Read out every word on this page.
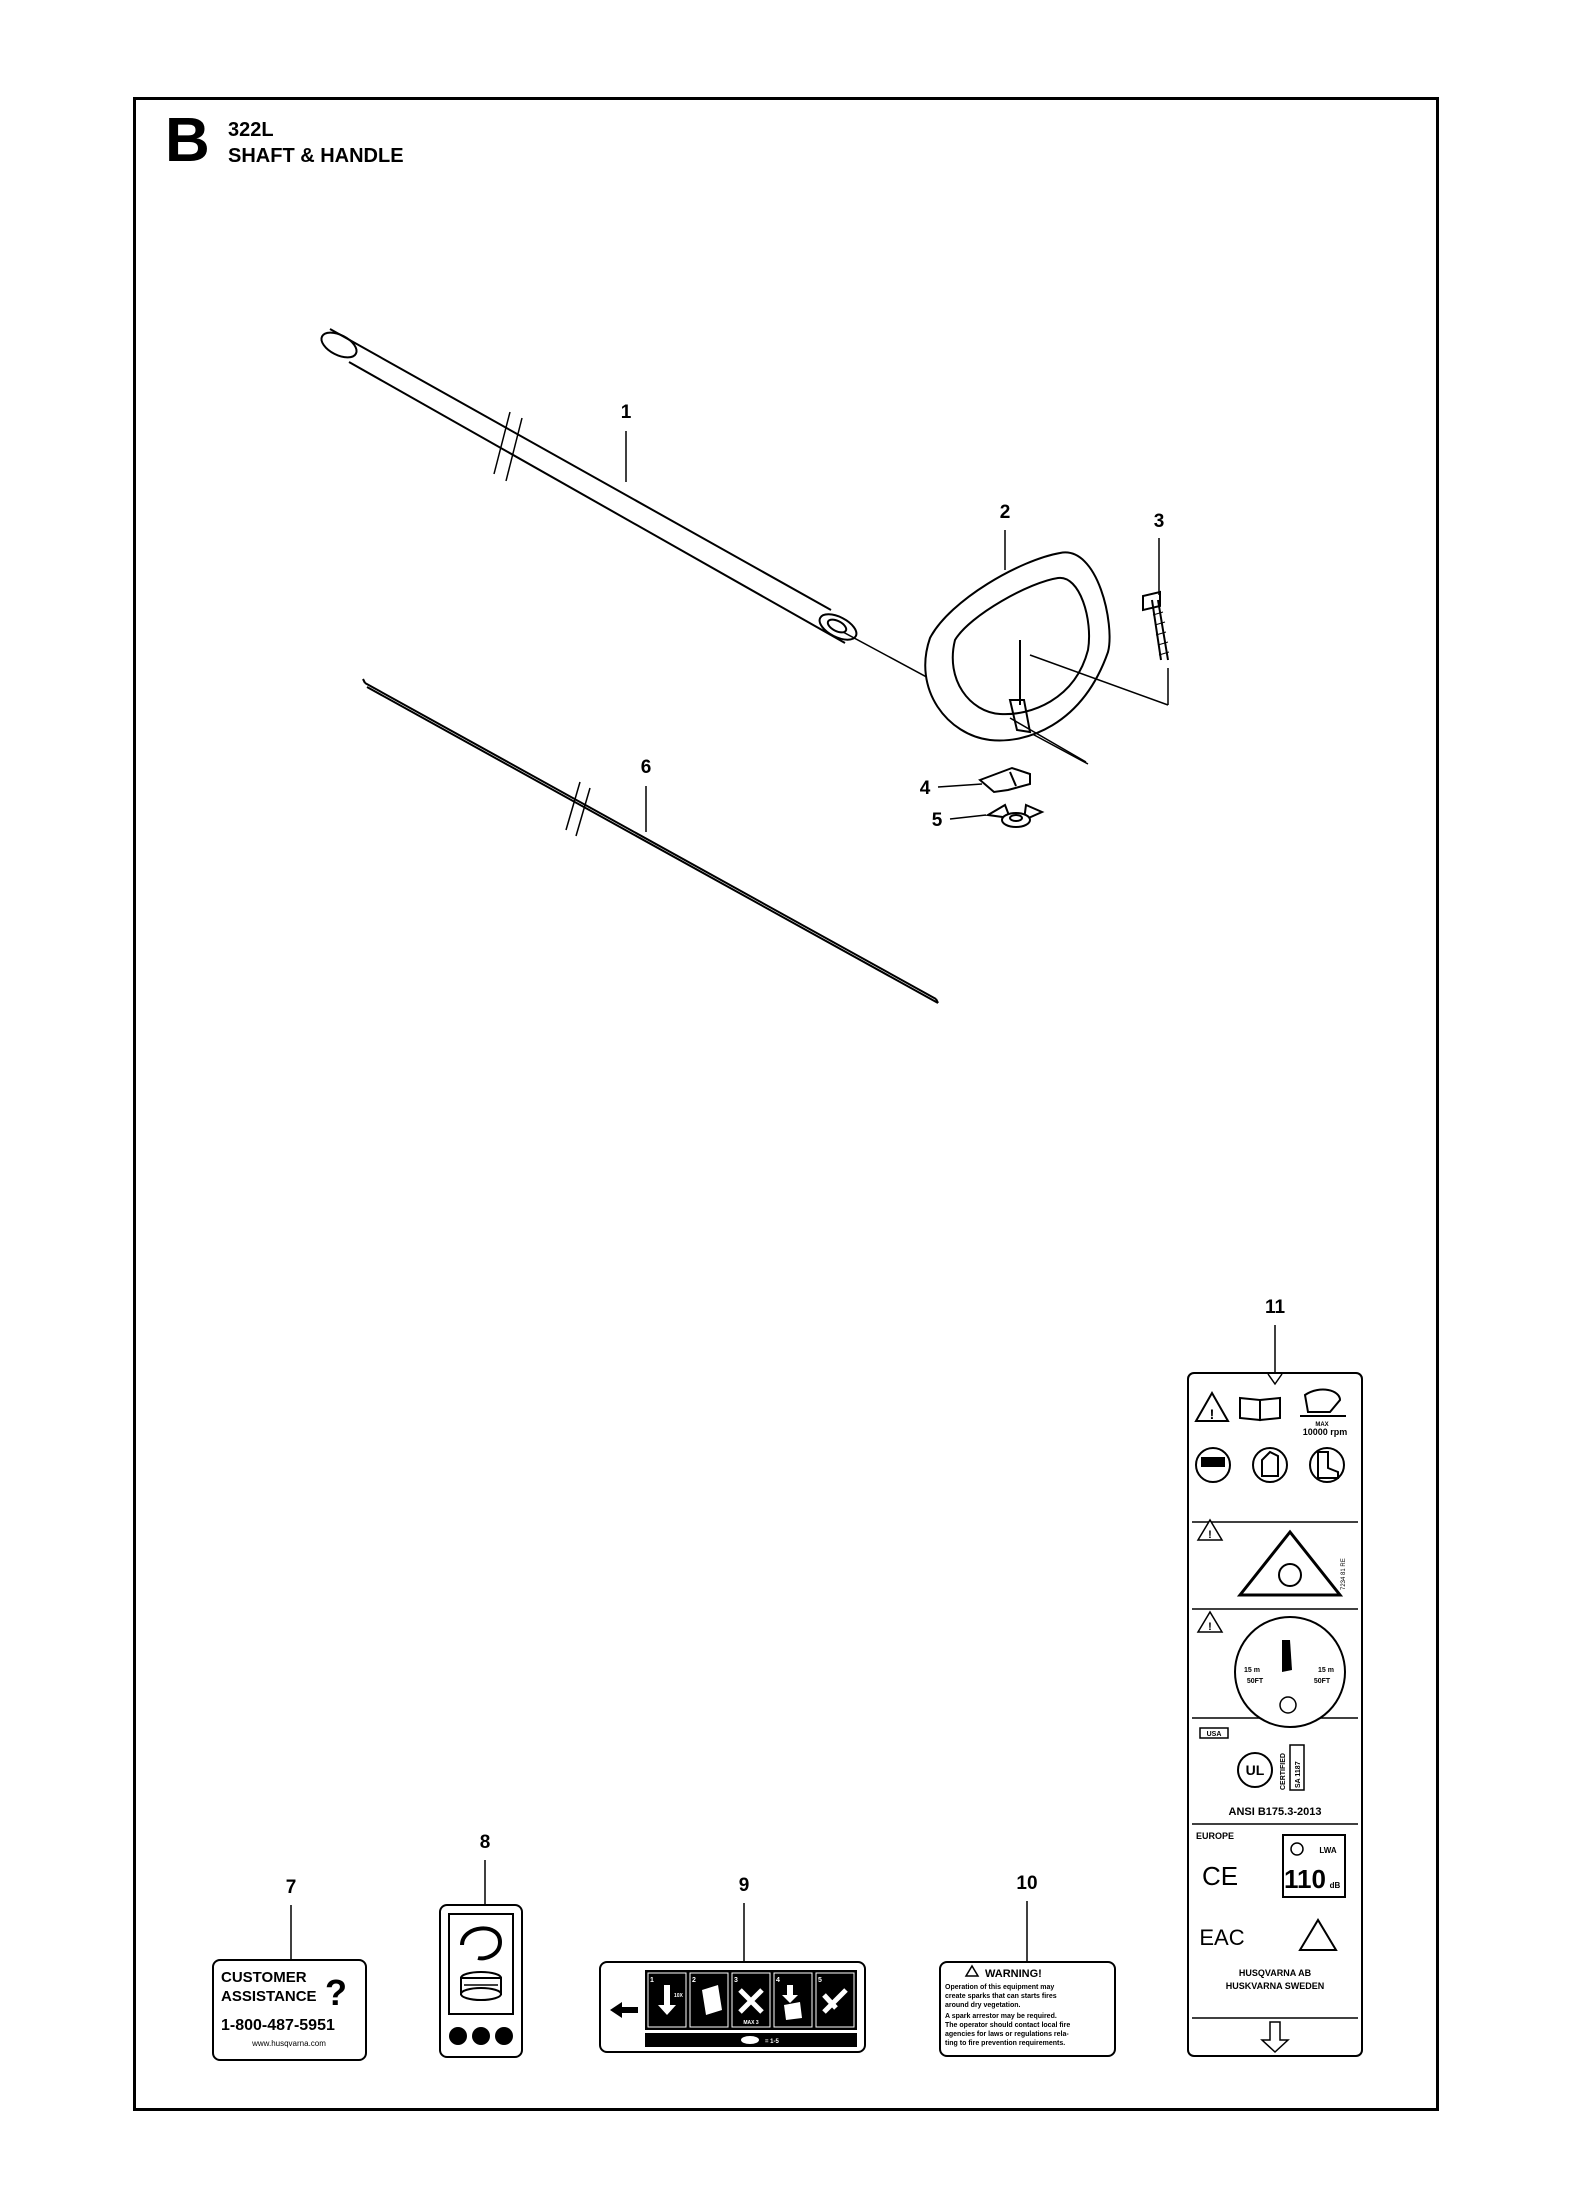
B 322L
SHAFT & HANDLE
1
2	3
4
5
6
7
8
9	10
11
CUSTOMER
ASSISTANCE ?
1-800-487-5951
www.husqvarna.com
1	2	3	4	5
10X
MAX 3
= 1-5
WARNING!
Operation of this equipment may
create sparks that can starts fires
around dry vegetation.
A spark arrestor may be required.
The operator should contact local fire
agencies for laws or regulations rela-
ting to fire prevention requirements.
!
MAX
10000 rpm
!
7234 81 RE
!
15 m
50FT
15 m
50FT
USA
UL CERTIFIED SA 1187
ANSI B175.3-2013
EUROPE
CE
LWA
110 dB
EAC
HUSQVARNA AB
HUSKVARNA SWEDEN
